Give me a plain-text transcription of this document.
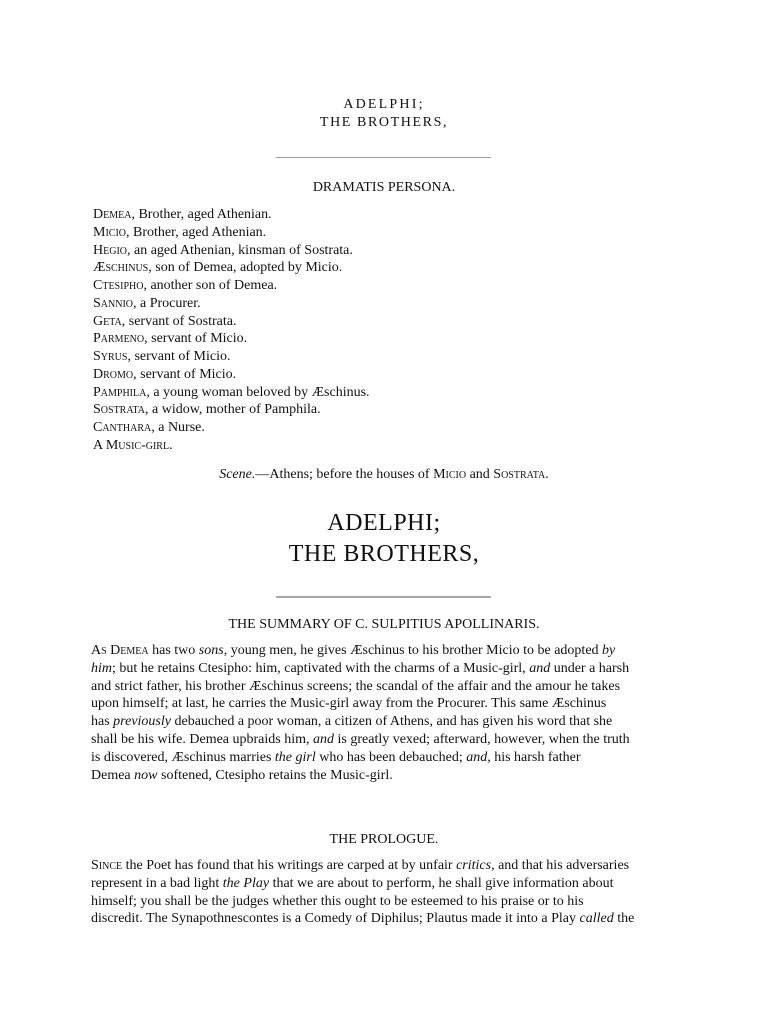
ADELPHI;
THE BROTHERS,
DRAMATIS PERSONA.
Demea, Brother, aged Athenian.
Micio, Brother, aged Athenian.
Hegio, an aged Athenian, kinsman of Sostrata.
Æschinus, son of Demea, adopted by Micio.
Ctesipho, another son of Demea.
Sannio, a Procurer.
Geta, servant of Sostrata.
Parmeno, servant of Micio.
Syrus, servant of Micio.
Dromo, servant of Micio.
Pamphila, a young woman beloved by Æschinus.
Sostrata, a widow, mother of Pamphila.
Canthara, a Nurse.
A Music-girl.
Scene.—Athens; before the houses of Micio and Sostrata.
ADELPHI;
THE BROTHERS,
THE SUMMARY OF C. SULPITIUS APOLLINARIS.
As Demea has two sons, young men, he gives Æschinus to his brother Micio to be adopted by
him; but he retains Ctesipho: him, captivated with the charms of a Music-girl, and under a harsh
and strict father, his brother Æschinus screens; the scandal of the affair and the amour he takes
upon himself; at last, he carries the Music-girl away from the Procurer. This same Æschinus
has previously debauched a poor woman, a citizen of Athens, and has given his word that she
shall be his wife. Demea upbraids him, and is greatly vexed; afterward, however, when the truth
is discovered, Æschinus marries the girl who has been debauched; and, his harsh father
Demea now softened, Ctesipho retains the Music-girl.
THE PROLOGUE.
Since the Poet has found that his writings are carped at by unfair critics, and that his adversaries
represent in a bad light the Play that we are about to perform, he shall give information about
himself; you shall be the judges whether this ought to be esteemed to his praise or to his
discredit. The Synapothnescontes is a Comedy of Diphilus; Plautus made it into a Play called the
